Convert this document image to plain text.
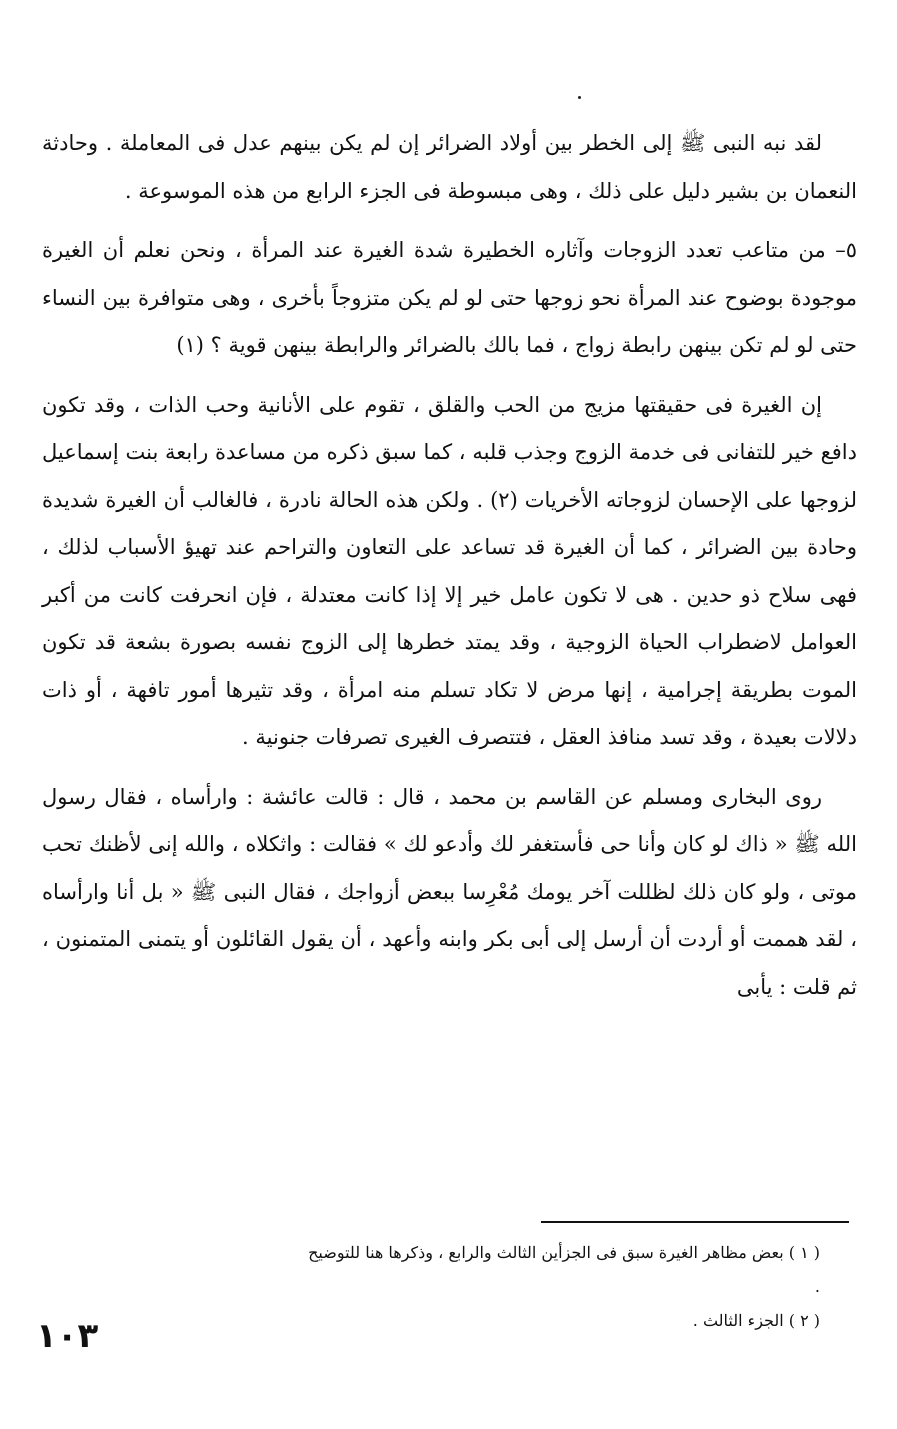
لقد نبه النبى ﷺ إلى الخطر بين أولاد الضرائر إن لم يكن بينهم عدل فى المعاملة . وحادثة النعمان بن بشير دليل على ذلك ، وهى مبسوطة فى الجزء الرابع من هذه الموسوعة .

٥– من متاعب تعدد الزوجات وآثاره الخطيرة شدة الغيرة عند المرأة ، ونحن نعلم أن الغيرة موجودة بوضوح عند المرأة نحو زوجها حتى لو لم يكن متزوجاً بأخرى ، وهى متوافرة بين النساء حتى لو لم تكن بينهن رابطة زواج ، فما بالك بالضرائر والرابطة بينهن قوية ؟ (١)

إن الغيرة فى حقيقتها مزيج من الحب والقلق ، تقوم على الأنانية وحب الذات ، وقد تكون دافع خير للتفانى فى خدمة الزوج وجذب قلبه ، كما سبق ذكره من مساعدة رابعة بنت إسماعيل لزوجها على الإحسان لزوجاته الأخريات (٢) . ولكن هذه الحالة نادرة ، فالغالب أن الغيرة شديدة وحادة بين الضرائر ، كما أن الغيرة قد تساعد على التعاون والتراحم عند تهيؤ الأسباب لذلك ، فهى سلاح ذو حدين . هى لا تكون عامل خير إلا إذا كانت معتدلة ، فإن انحرفت كانت من أكبر العوامل لاضطراب الحياة الزوجية ، وقد يمتد خطرها إلى الزوج نفسه بصورة بشعة قد تكون الموت بطريقة إجرامية ، إنها مرض لا تكاد تسلم منه امرأة ، وقد تثيرها أمور تافهة ، أو ذات دلالات بعيدة ، وقد تسد منافذ العقل ، فتتصرف الغيرى تصرفات جنونية .

روى البخارى ومسلم عن القاسم بن محمد ، قال : قالت عائشة : وارأساه ، فقال رسول الله ﷺ « ذاك لو كان وأنا حى فأستغفر لك وأدعو لك » فقالت : واثكلاه ، والله إنى لأظنك تحب موتى ، ولو كان ذلك لظللت آخر يومك مُعْرِسا ببعض أزواجك ، فقال النبى ﷺ « بل أنا وارأساه ، لقد هممت أو أردت أن أرسل إلى أبى بكر وابنه وأعهد ، أن يقول القائلون أو يتمنى المتمنون ، ثم قلت : يأبى

( ١ ) بعض مظاهر الغيرة سبق فى الجزأين الثالث والرابع ، وذكرها هنا للتوضيح .

( ٢ ) الجزء الثالث .

١٠٣
